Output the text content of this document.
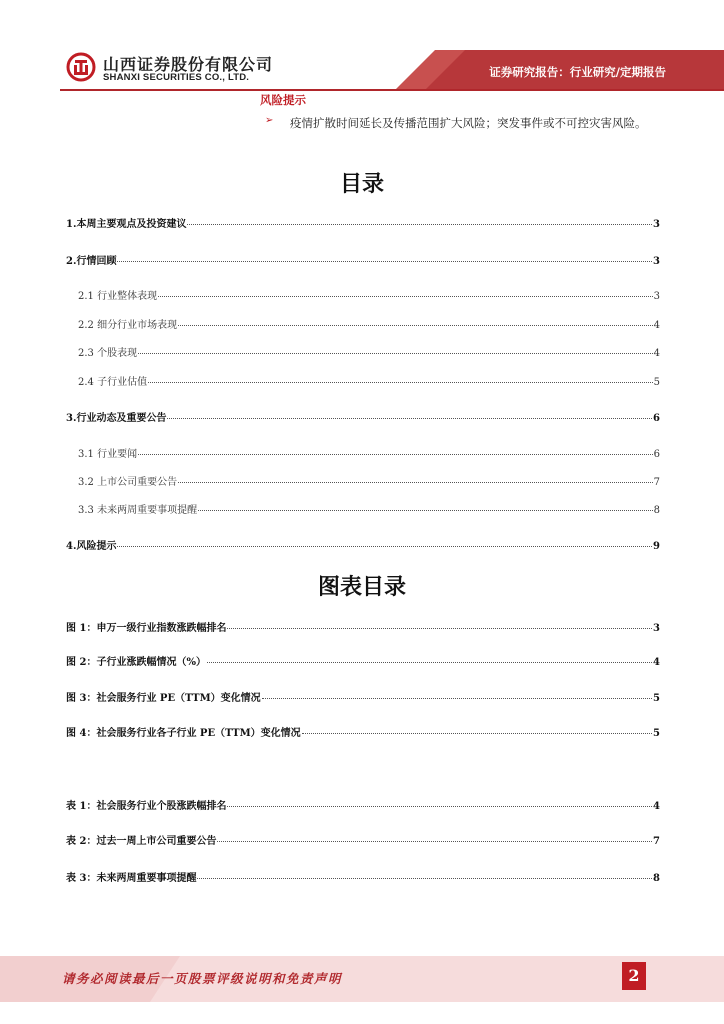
山西证券股份有限公司
SHANXI SECURITIES CO., LTD.	证券研究报告：行业研究/定期报告
风险提示
➢ 疫情扩散时间延长及传播范围扩大风险；突发事件或不可控灾害风险。
目录
1.本周主要观点及投资建议	3
2.行情回顾	3
2.1 行业整体表现	3
2.2 细分行业市场表现	4
2.3 个股表现	4
2.4 子行业估值	5
3.行业动态及重要公告	6
3.1 行业要闻	6
3.2 上市公司重要公告	7
3.3 未来两周重要事项提醒	8
4.风险提示	9
图表目录
图 1：申万一级行业指数涨跌幅排名	3
图 2：子行业涨跌幅情况（%）	4
图 3：社会服务行业 PE（TTM）变化情况	5
图 4：社会服务行业各子行业 PE（TTM）变化情况	5
表 1：社会服务行业个股涨跌幅排名	4
表 2：过去一周上市公司重要公告	7
表 3：未来两周重要事项提醒	8
请务必阅读最后一页股票评级说明和免责声明	2
